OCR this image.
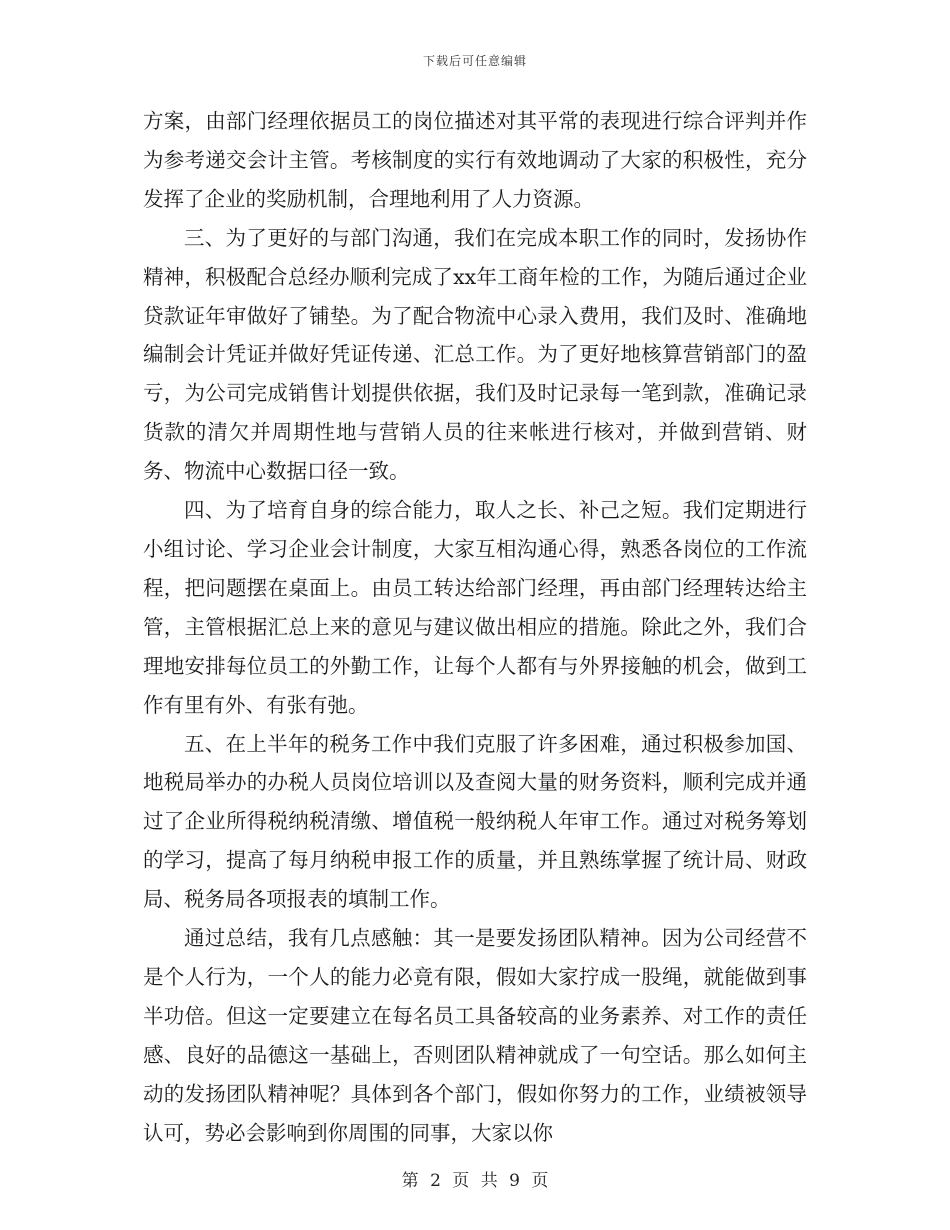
下载后可任意编辑

方案，由部门经理依据员工的岗位描述对其平常的表现进行综合评判并作为参考递交会计主管。考核制度的实行有效地调动了大家的积极性，充分发挥了企业的奖励机制，合理地利用了人力资源。

三、为了更好的与部门沟通，我们在完成本职工作的同时，发扬协作精神，积极配合总经办顺利完成了xx年工商年检的工作，为随后通过企业贷款证年审做好了铺垫。为了配合物流中心录入费用，我们及时、准确地编制会计凭证并做好凭证传递、汇总工作。为了更好地核算营销部门的盈亏，为公司完成销售计划提供依据，我们及时记录每一笔到款，准确记录货款的清欠并周期性地与营销人员的往来帐进行核对，并做到营销、财务、物流中心数据口径一致。

四、为了培育自身的综合能力，取人之长、补己之短。我们定期进行小组讨论、学习企业会计制度，大家互相沟通心得，熟悉各岗位的工作流程，把问题摆在桌面上。由员工转达给部门经理，再由部门经理转达给主管，主管根据汇总上来的意见与建议做出相应的措施。除此之外，我们合理地安排每位员工的外勤工作，让每个人都有与外界接触的机会，做到工作有里有外、有张有弛。

五、在上半年的税务工作中我们克服了许多困难，通过积极参加国、地税局举办的办税人员岗位培训以及查阅大量的财务资料，顺利完成并通过了企业所得税纳税清缴、增值税一般纳税人年审工作。通过对税务筹划的学习，提高了每月纳税申报工作的质量，并且熟练掌握了统计局、财政局、税务局各项报表的填制工作。

通过总结，我有几点感触：其一是要发扬团队精神。因为公司经营不是个人行为，一个人的能力必竟有限，假如大家拧成一股绳，就能做到事半功倍。但这一定要建立在每名员工具备较高的业务素养、对工作的责任感、良好的品德这一基础上，否则团队精神就成了一句空话。那么如何主动的发扬团队精神呢？具体到各个部门，假如你努力的工作，业绩被领导认可，势必会影响到你周围的同事，大家以你

第 2 页 共 9 页
